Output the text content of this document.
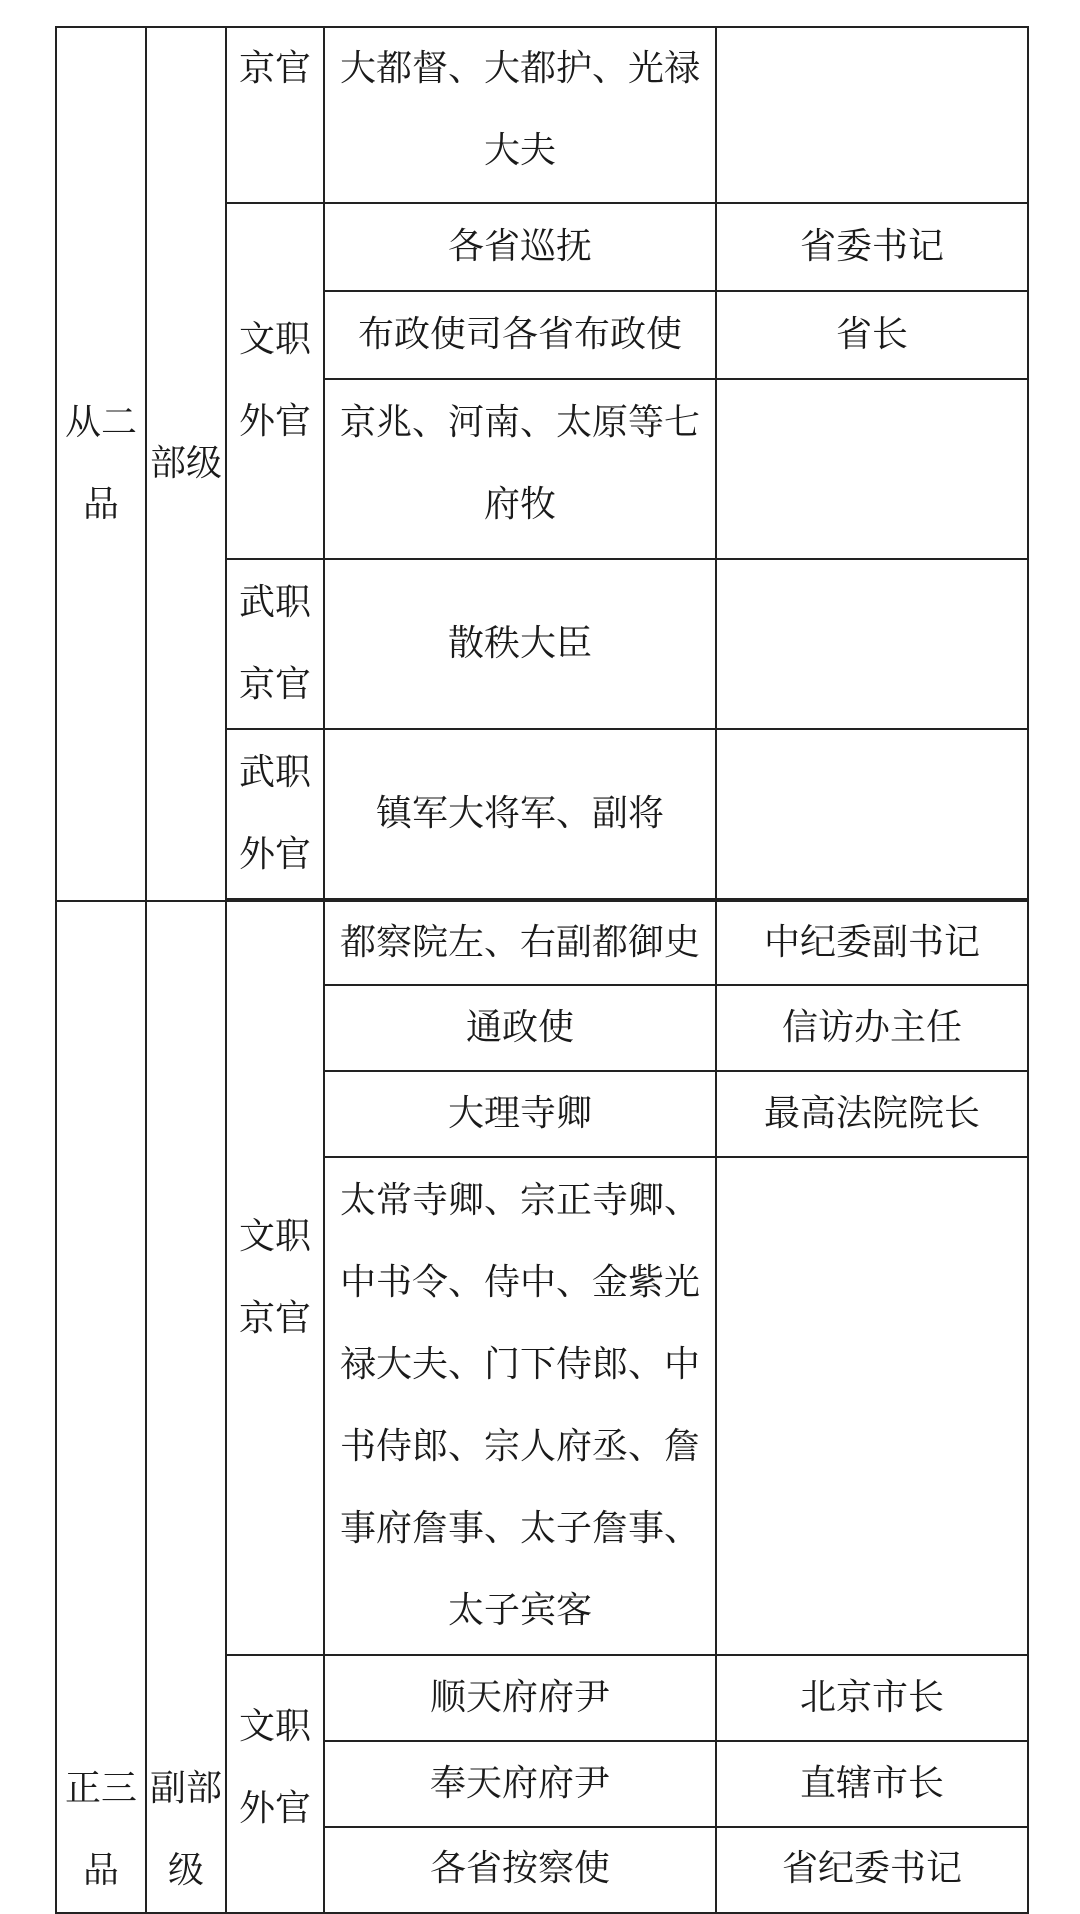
从二品	部级	京官	大都督、大都护、光禄大夫	
		文职外官	各省巡抚	省委书记
			布政使司各省布政使	省长
			京兆、河南、太原等七府牧	
		武职京官	散秩大臣	
		武职外官	镇军大将军、副将	

正三品	副部级	文职京官	都察院左、右副都御史	中纪委副书记
			通政使	信访办主任
			大理寺卿	最高法院院长
			太常寺卿、宗正寺卿、中书令、侍中、金紫光禄大夫、门下侍郎、中书侍郎、宗人府丞、詹事府詹事、太子詹事、太子宾客	
		文职外官	顺天府府尹	北京市长
			奉天府府尹	直辖市长
			各省按察使	省纪委书记
